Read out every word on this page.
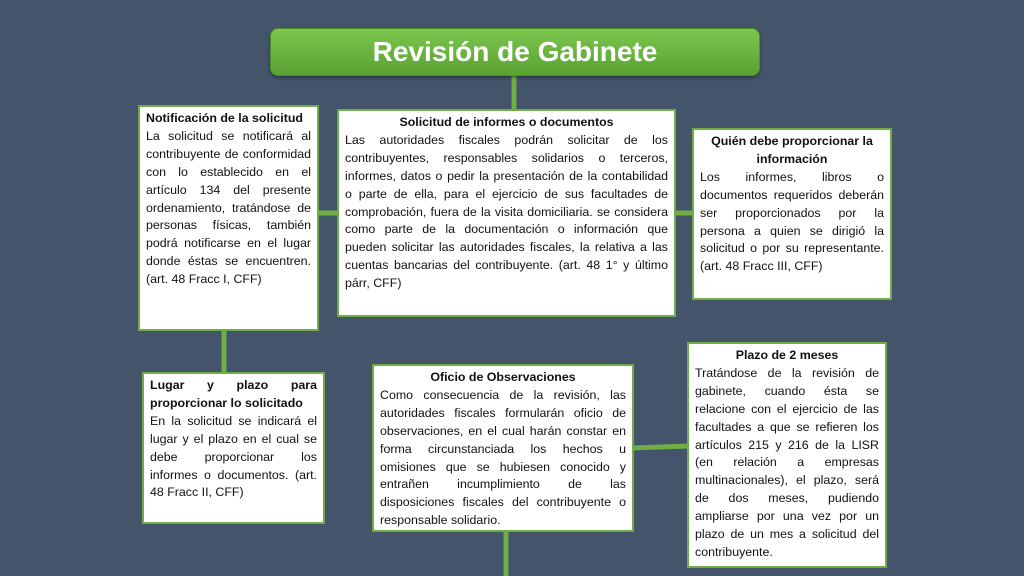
Revisión de Gabinete
Notificación de la solicitud
La solicitud se notificará al contribuyente de conformidad con lo establecido en el artículo 134 del presente ordenamiento, tratándose de personas físicas, también podrá notificarse en el lugar donde éstas se encuentren. (art. 48 Fracc I, CFF)
Solicitud de informes o documentos
Las autoridades fiscales podrán solicitar de los contribuyentes, responsables solidarios o terceros, informes, datos o pedir la presentación de la contabilidad o parte de ella, para el ejercicio de sus facultades de comprobación, fuera de la visita domiciliaria. se considera como parte de la documentación o información que pueden solicitar las autoridades fiscales, la relativa a las cuentas bancarias del contribuyente. (art. 48 1° y último párr, CFF)
Quién debe proporcionar la información
Los informes, libros o documentos requeridos deberán ser proporcionados por la persona a quien se dirigió la solicitud o por su representante. (art. 48 Fracc III, CFF)
Lugar y plazo para proporcionar lo solicitado
En la solicitud se indicará el lugar y el plazo en el cual se debe proporcionar los informes o documentos. (art. 48 Fracc II, CFF)
Oficio de Observaciones
Como consecuencia de la revisión, las autoridades fiscales formularán oficio de observaciones, en el cual harán constar en forma circunstanciada los hechos u omisiones que se hubiesen conocido y entrañen incumplimiento de las disposiciones fiscales del contribuyente o responsable solidario.
Plazo de 2 meses
Tratándose de la revisión de gabinete, cuando ésta se relacione con el ejercicio de las facultades a que se refieren los artículos 215 y 216 de la LISR (en relación a empresas multinacionales), el plazo, será de dos meses, pudiendo ampliarse por una vez por un plazo de un mes a solicitud del contribuyente.
